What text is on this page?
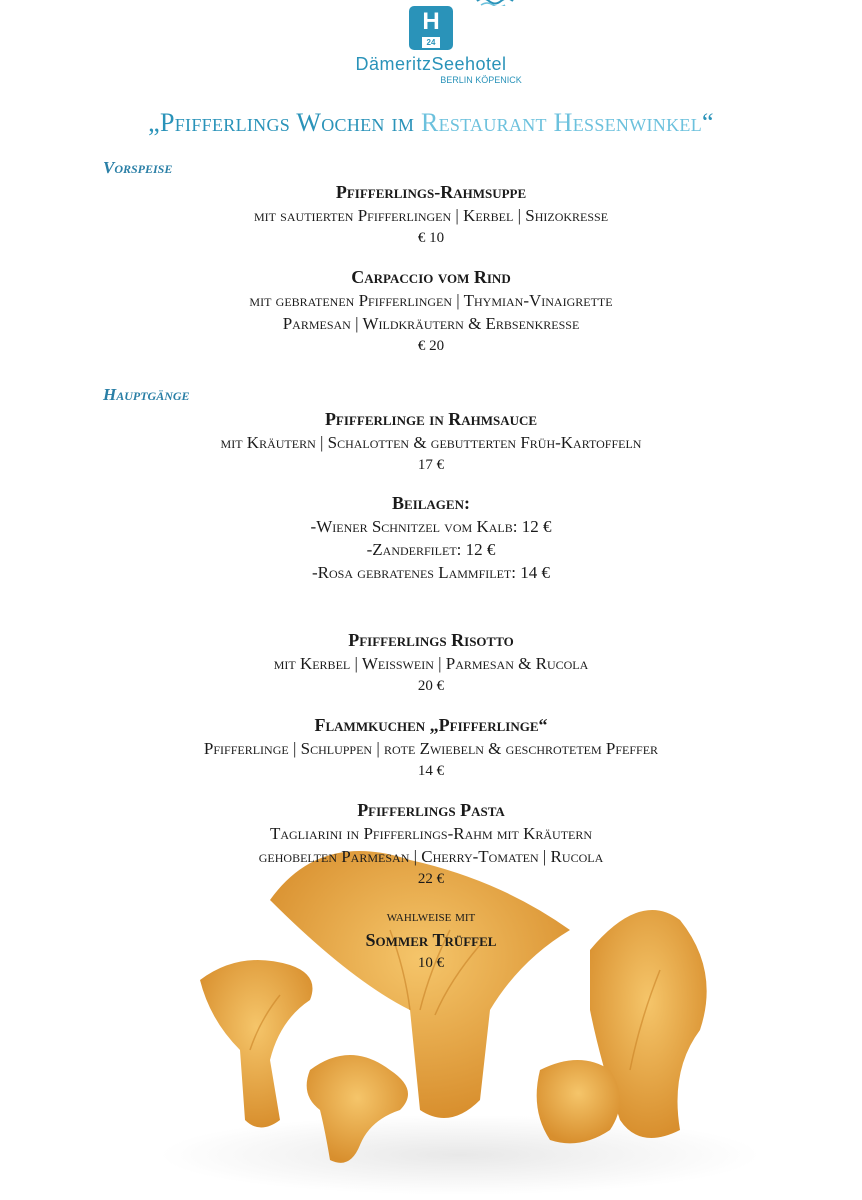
H
24
DämeritzSeehotel
BERLIN KÖPENICK
„Pfifferlings Wochen im Restaurant Hessenwinkel“
Vorspeise
Pfifferlings-Rahmsuppe
mit sautierten Pfifferlingen | Kerbel | Shizokresse
€ 10
Carpaccio vom Rind
mit gebratenen Pfifferlingen | Thymian-Vinaigrette
Parmesan | Wildkräutern & Erbsenkresse
€ 20
Hauptgänge
Pfifferlinge in Rahmsauce
mit Kräutern | Schalotten & gebutterten Früh-Kartoffeln
17 €
Beilagen:
-Wiener Schnitzel vom Kalb: 12 €
-Zanderfilet: 12 €
-Rosa gebratenes Lammfilet: 14 €
Pfifferlings Risotto
mit Kerbel | Weisswein | Parmesan & Rucola
20 €
Flammkuchen „Pfifferlinge“
Pfifferlinge | Schluppen | rote Zwiebeln & geschrotetem Pfeffer
14 €
Pfifferlings Pasta
Tagliarini in Pfifferlings-Rahm mit Kräutern
gehobelten Parmesan | Cherry-Tomaten | Rucola
22 €
wahlweise mit
Sommer Trüffel
10 €
